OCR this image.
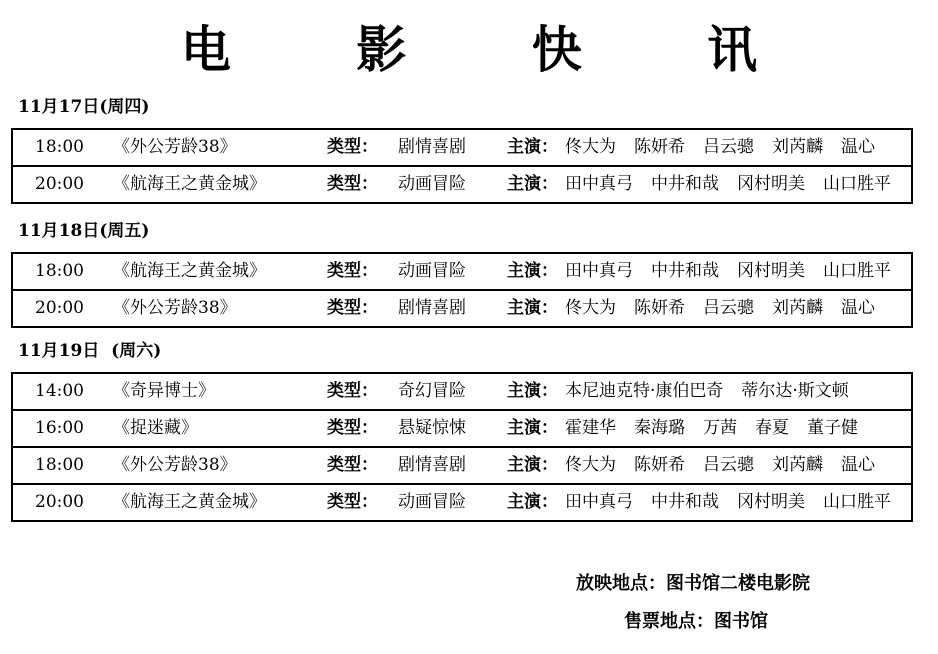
电 影 快 讯
11月17日(周四)
18:00 《外公芳龄38》	类型： 剧情喜剧 主演： 佟大为 陈妍希 吕云骢 刘芮麟 温心
20:00 《航海王之黄金城》	类型： 动画冒险 主演： 田中真弓 中井和哉 冈村明美 山口胜平
11月18日(周五)
18:00 《航海王之黄金城》	类型： 动画冒险 主演： 田中真弓 中井和哉 冈村明美 山口胜平
20:00 《外公芳龄38》	类型： 剧情喜剧 主演： 佟大为 陈妍希 吕云骢 刘芮麟 温心
11月19日  (周六)
14:00 《奇异博士》	类型： 奇幻冒险 主演： 本尼迪克特·康伯巴奇 蒂尔达·斯文顿
16:00 《捉迷藏》	类型： 悬疑惊悚 主演： 霍建华 秦海璐 万茜 春夏 董子健
18:00 《外公芳龄38》	类型： 剧情喜剧 主演： 佟大为 陈妍希 吕云骢 刘芮麟 温心
20:00 《航海王之黄金城》	类型： 动画冒险 主演： 田中真弓 中井和哉 冈村明美 山口胜平
放映地点：图书馆二楼电影院
售票地点：图书馆
